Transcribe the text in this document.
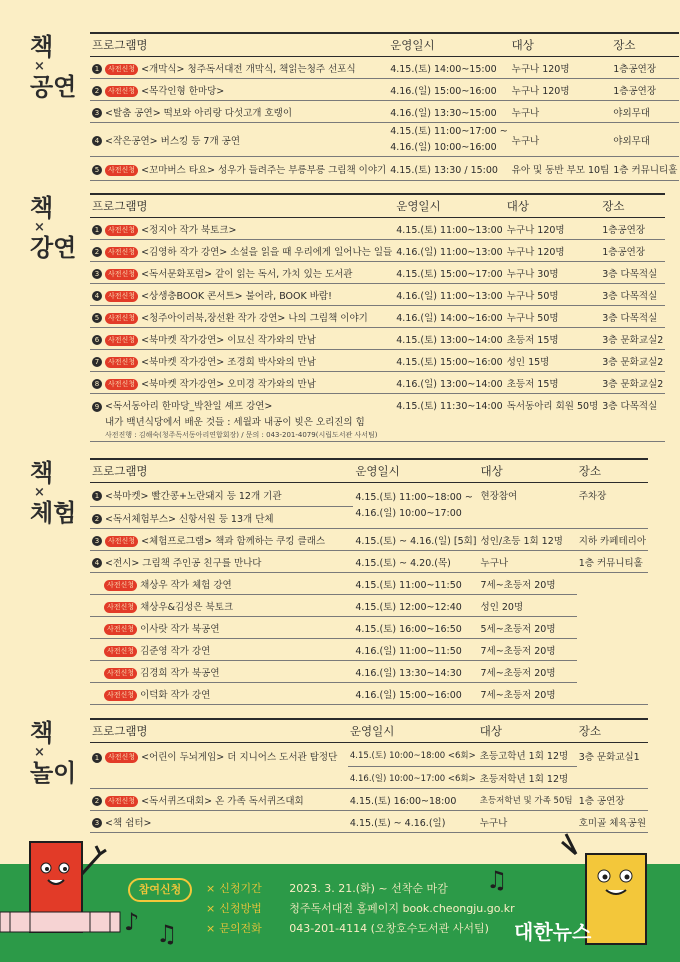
책
×
공연
프로그램명	운영일시	대상	장소
1 사전신청 <개막식> 청주독서대전 개막식, 책읽는청주 선포식	4.15.(토) 14:00~15:00	누구나 120명	1층공연장
2 사전신청 <목각인형 한마당>	4.16.(일) 15:00~16:00	누구나 120명	1층공연장
3 <탈춤 공연> 떡보와 아리랑 다섯고개 호랭이	4.16.(일) 13:30~15:00	누구나	야외무대
4 <작은공연> 버스킹 등 7개 공연	4.15.(토) 11:00~17:00 ~
4.16.(일) 10:00~16:00	누구나	야외무대
5 사전신청 <꼬마버스 타요> 성우가 들려주는 부릉부릉 그림책 이야기	4.15.(토) 13:30 / 15:00	유아 및 동반 부모 10팀	1층 커뮤니티홀
책
×
강연
프로그램명	운영일시	대상	장소
1 사전신청 <정지아 작가 북토크>	4.15.(토) 11:00~13:00	누구나 120명	1층공연장
2 사전신청 <김영하 작가 강연> 소설을 읽을 때 우리에게 일어나는 일들	4.16.(일) 11:00~13:00	누구나 120명	1층공연장
3 사전신청 <독서문화포럼> 같이 읽는 독서, 가치 있는 도서관	4.15.(토) 15:00~17:00	누구나 30명	3층 다목적실
4 사전신청 <상생충BOOK 콘서트> 불어라, BOOK 바람!	4.16.(일) 11:00~13:00	누구나 50명	3층 다목적실
5 사전신청 <청주아이러북,장선환 작가 강연> 나의 그림책 이야기	4.16.(일) 14:00~16:00	누구나 50명	3층 다목적실
6 사전신청 <북마켓 작가강연> 이묘신 작가와의 만남	4.15.(토) 13:00~14:00	초등저 15명	3층 문화교실2
7 사전신청 <북마켓 작가강연> 조경희 박사와의 만남	4.15.(토) 15:00~16:00	성인 15명	3층 문화교실2
8 사전신청 <북마켓 작가강연> 오미경 작가와의 만남	4.16.(일) 13:00~14:00	초등저 15명	3층 문화교실2
9 <독서동아리 한마당_박찬일 셰프 강연>
내가 백년식당에서 배운 것들 : 세월과 내공이 빚은 오리진의 힘
사전진행 : 김해숙(청주독서동아리연합회장) / 문의 : 043-201-4079(시립도서관 사서팀)	4.15.(토) 11:30~14:00	독서동아리 회원 50명	3층 다목적실
책
×
체험
프로그램명	운영일시	대상	장소
1 <북마켓> 빨간콩+노란돼지 등 12개 기관	4.15.(토) 11:00~18:00 ~
4.16.(일) 10:00~17:00	현장참여	주차장
2 <독서체험부스> 신항서원 등 13개 단체			
3 사전신청 <체험프로그램> 책과 함께하는 쿠킹 클래스	4.15.(토) ~ 4.16.(일) [5회]	성인/초등 1회 12명	지하 카페테리아
4 <전시> 그림책 주인공 친구를 만나다	4.15.(토) ~ 4.20.(목)	누구나	1층 커뮤니티홀
사전신청 채상우 작가 체험 강연	4.15.(토) 11:00~11:50	7세~초등저 20명	
사전신청 채상우&김성은 북토크	4.15.(토) 12:00~12:40	성인 20명	
사전신청 이사랏 작가 북공연	4.15.(토) 16:00~16:50	5세~초등저 20명	
사전신청 김준영 작가 강연	4.16.(일) 11:00~11:50	7세~초등저 20명	
사전신청 김경희 작가 북공연	4.16.(일) 13:30~14:30	7세~초등저 20명	
사전신청 이덕화 작가 강연	4.16.(일) 15:00~16:00	7세~초등저 20명	
책
×
놀이
프로그램명	운영일시	대상	장소
1 사전신청 <어린이 두뇌게임> 더 지니어스 도서관 탐정단	4.15.(토) 10:00~18:00 <6회>	초등고학년 1회 12명	3층 문화교실1
	4.16.(일) 10:00~17:00 <6회>	초등저학년 1회 12명	
2 사전신청 <독서퀴즈대회> 온 가족 독서퀴즈대회	4.15.(토) 16:00~18:00	초등저학년 및 가족 50팀	1층 공연장
3 <책 쉼터>	4.15.(토) ~ 4.16.(일)	누구나	호미골 체육공원
참여신청
♪ ♫
♫
× 신청기간 2023. 3. 21.(화) ~ 선착순 마감
× 신청방법 청주독서대전 홈페이지 book.cheongju.go.kr
× 문의전화 043-201-4114 (오창호수도서관 사서팀) 대한뉴스
